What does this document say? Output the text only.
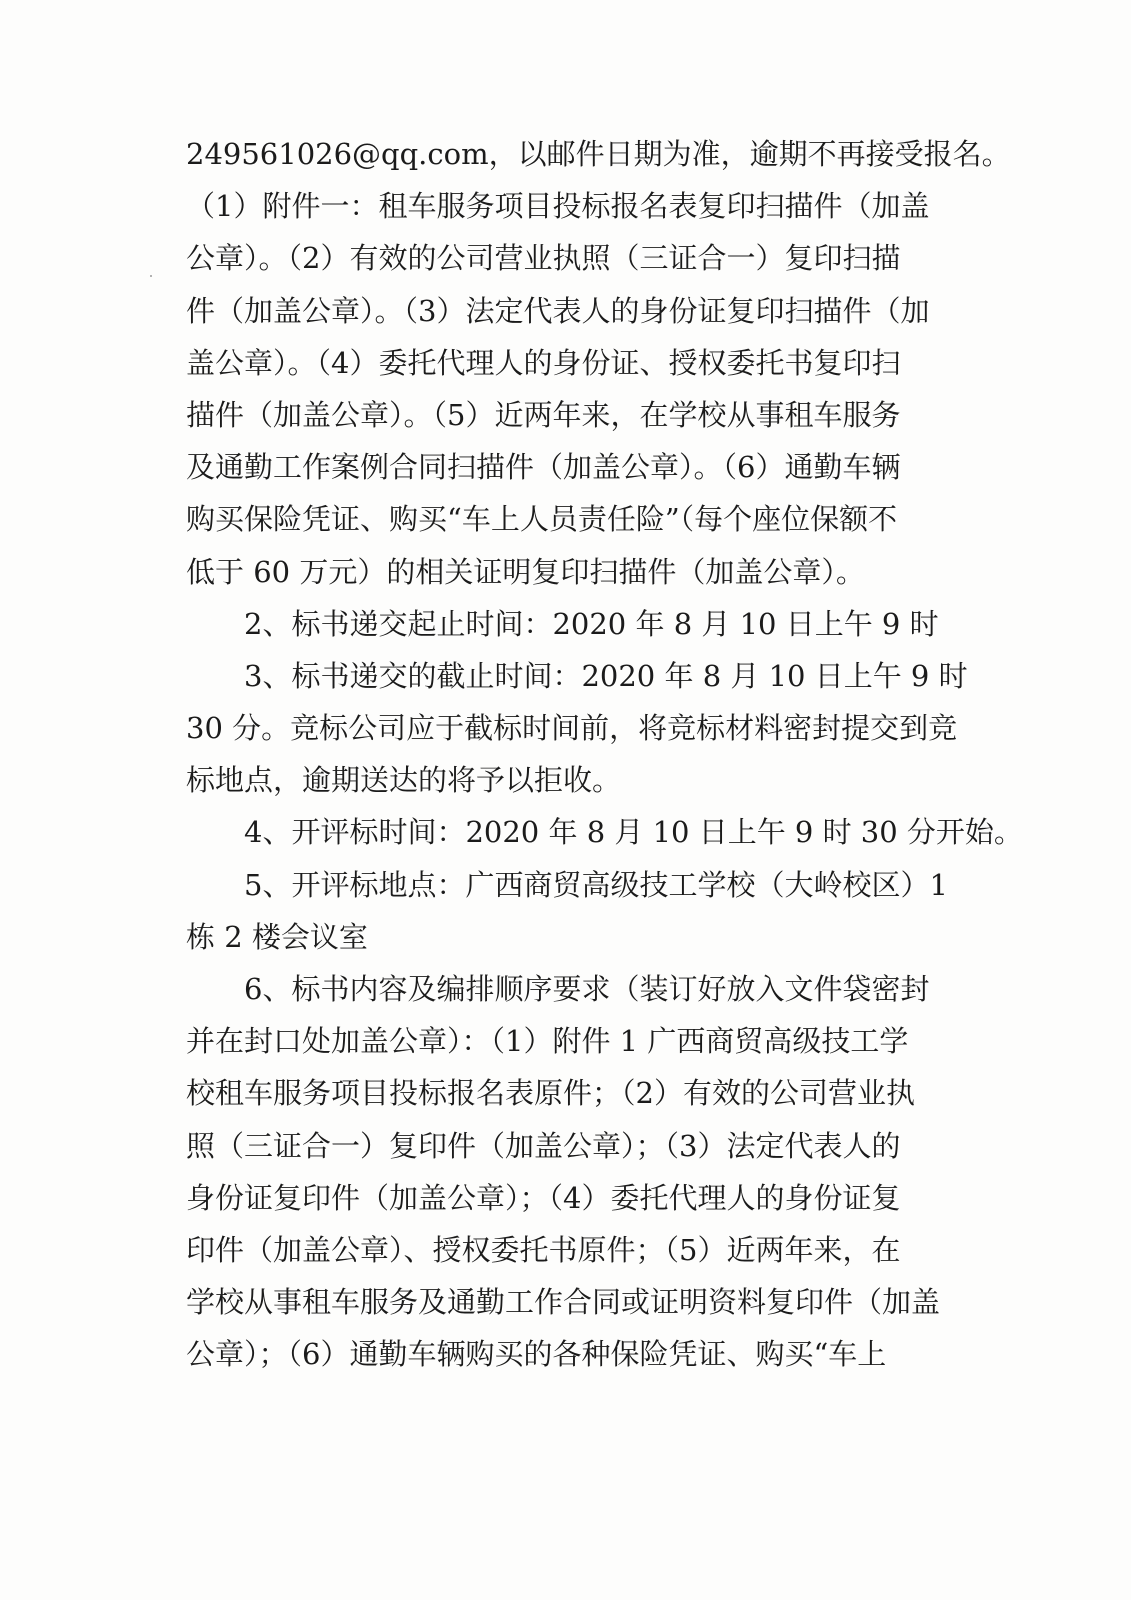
249561026@qq.com，以邮件日期为准，逾期不再接受报名。
（1）附件一：租车服务项目投标报名表复印扫描件（加盖
公章）。（2）有效的公司营业执照（三证合一）复印扫描
件（加盖公章）。（3）法定代表人的身份证复印扫描件（加
盖公章）。（4）委托代理人的身份证、授权委托书复印扫
描件（加盖公章）。（5）近两年来，在学校从事租车服务
及通勤工作案例合同扫描件（加盖公章）。（6）通勤车辆
购买保险凭证、购买“车上人员责任险”（每个座位保额不
低于 60 万元）的相关证明复印扫描件（加盖公章）。
2、标书递交起止时间：2020 年 8 月 10 日上午 9 时
3、标书递交的截止时间：2020 年 8 月 10 日上午 9 时
30 分。竞标公司应于截标时间前，将竞标材料密封提交到竞
标地点，逾期送达的将予以拒收。
4、开评标时间：2020 年 8 月 10 日上午 9 时 30 分开始。
5、开评标地点：广西商贸高级技工学校（大岭校区）1
栋 2 楼会议室
6、标书内容及编排顺序要求（装订好放入文件袋密封
并在封口处加盖公章）：（1）附件 1 广西商贸高级技工学
校租车服务项目投标报名表原件；（2）有效的公司营业执
照（三证合一）复印件（加盖公章）；（3）法定代表人的
身份证复印件（加盖公章）；（4）委托代理人的身份证复
印件（加盖公章）、授权委托书原件；（5）近两年来，在
学校从事租车服务及通勤工作合同或证明资料复印件（加盖
公章）；（6）通勤车辆购买的各种保险凭证、购买“车上
